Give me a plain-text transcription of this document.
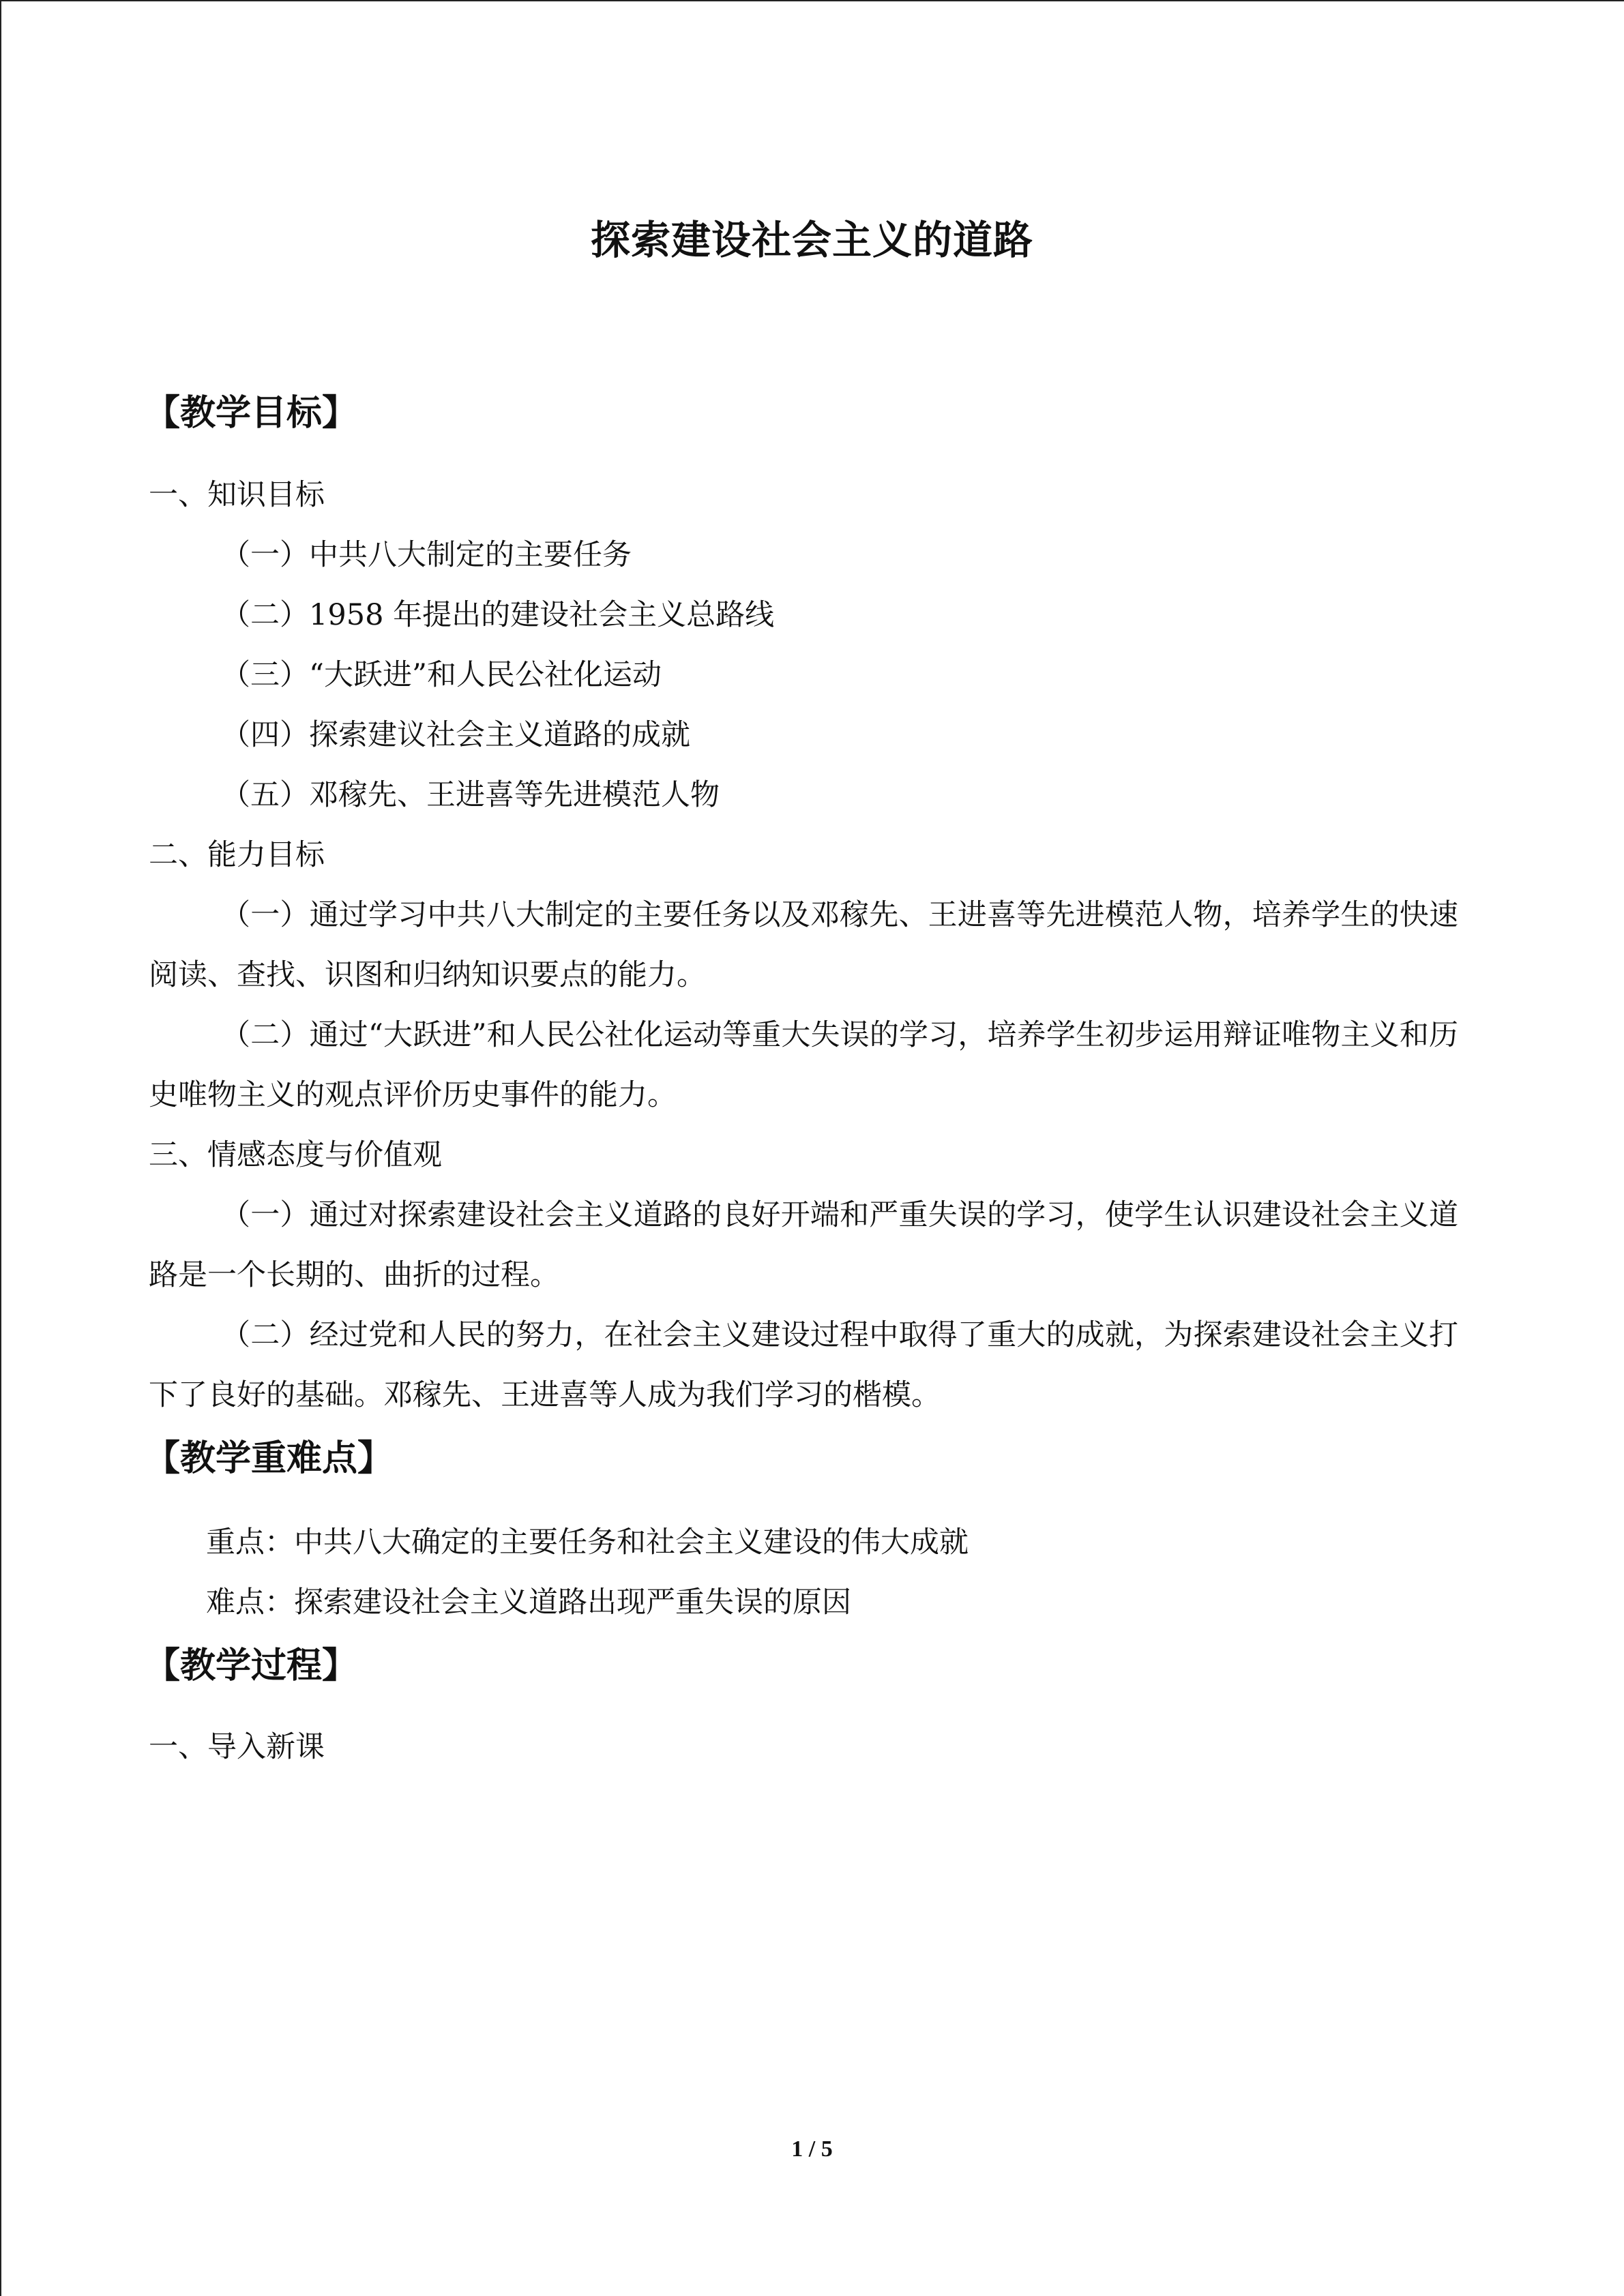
探索建设社会主义的道路
【教学目标】
一、知识目标
（一）中共八大制定的主要任务
（二）1958 年提出的建设社会主义总路线
（三）“大跃进”和人民公社化运动
（四）探索建议社会主义道路的成就
（五）邓稼先、王进喜等先进模范人物
二、能力目标

（一）通过学习中共八大制定的主要任务以及邓稼先、王进喜等先进模范人物，培养学生的快速阅读、查找、识图和归纳知识要点的能力。

（二）通过“大跃进”和人民公社化运动等重大失误的学习，培养学生初步运用辩证唯物主义和历史唯物主义的观点评价历史事件的能力。

三、情感态度与价值观

（一）通过对探索建设社会主义道路的良好开端和严重失误的学习，使学生认识建设社会主义道路是一个长期的、曲折的过程。

（二）经过党和人民的努力，在社会主义建设过程中取得了重大的成就，为探索建设社会主义打下了良好的基础。邓稼先、王进喜等人成为我们学习的楷模。

【教学重难点】
重点：中共八大确定的主要任务和社会主义建设的伟大成就
难点：探索建设社会主义道路出现严重失误的原因
【教学过程】
一、导入新课
1 / 5
